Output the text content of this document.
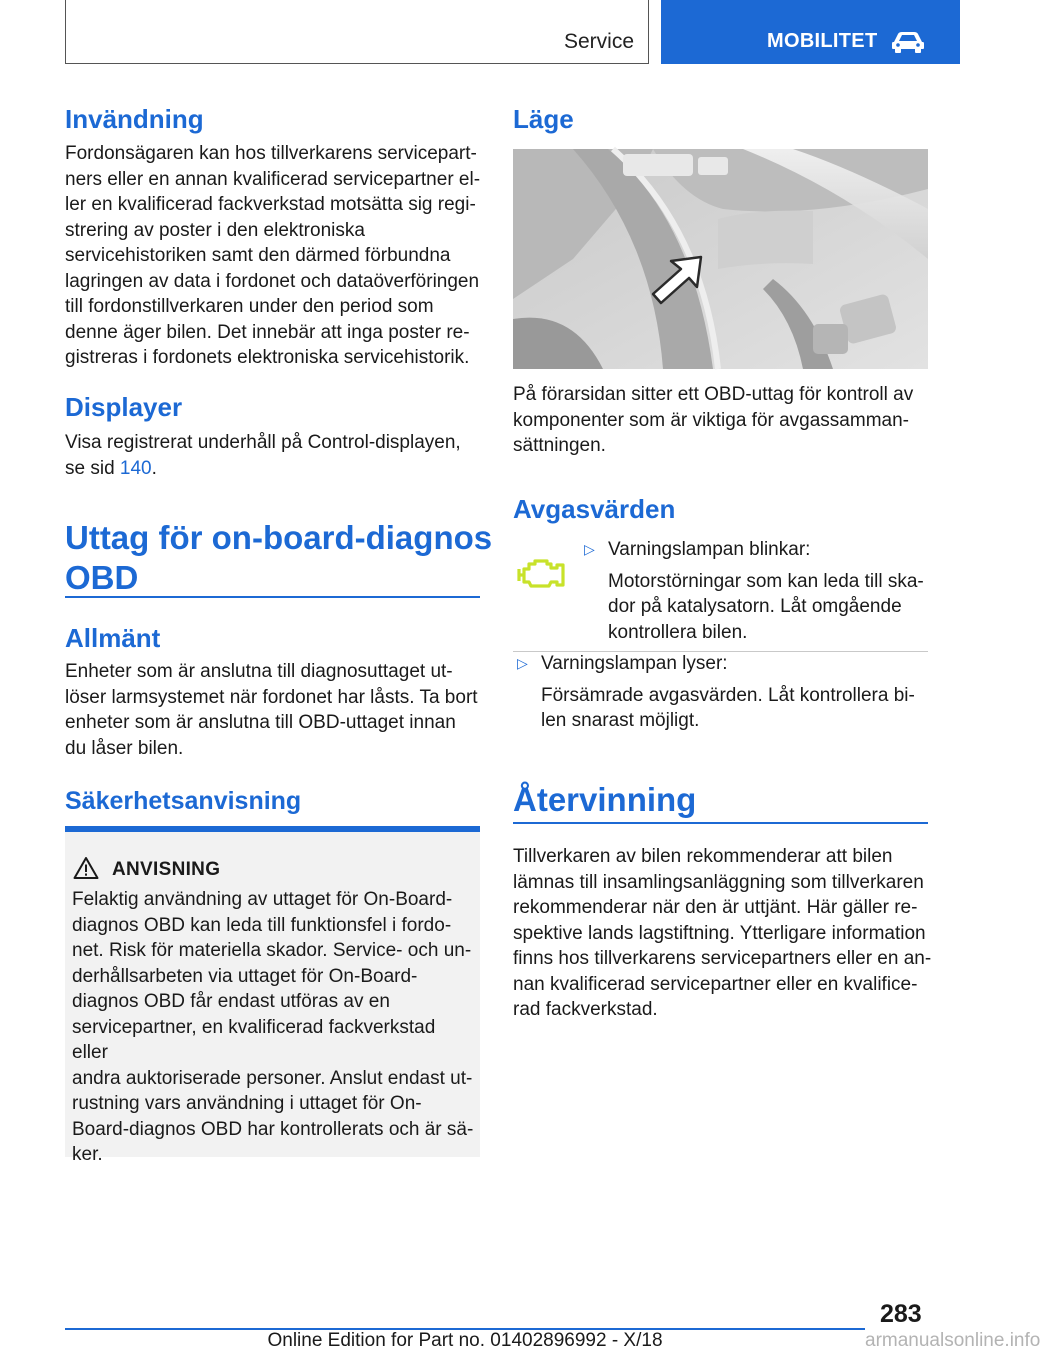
Service	MOBILITET
Invändning
Fordonsägaren kan hos tillverkarens servicepart-
ners eller en annan kvalificerad servicepartner el-
ler en kvalificerad fackverkstad motsätta sig regi-
strering av poster i den elektroniska
servicehistoriken samt den därmed förbundna
lagringen av data i fordonet och dataöverföringen
till fordonstillverkaren under den period som
denne äger bilen. Det innebär att inga poster re-
gistreras i fordonets elektroniska servicehistorik.
Displayer
Visa registrerat underhåll på Control-displayen,
se sid 140.
Uttag för on-board-diagnos
OBD
Allmänt
Enheter som är anslutna till diagnosuttaget ut-
löser larmsystemet när fordonet har låsts. Ta bort
enheter som är anslutna till OBD-uttaget innan
du låser bilen.
Säkerhetsanvisning
ANVISNING
Felaktig användning av uttaget för On-Board-
diagnos OBD kan leda till funktionsfel i fordo-
net. Risk för materiella skador. Service- och un-
derhållsarbeten via uttaget för On-Board-
diagnos OBD får endast utföras av en
servicepartner, en kvalificerad fackverkstad eller
andra auktoriserade personer. Anslut endast ut-
rustning vars användning i uttaget för On-
Board-diagnos OBD har kontrollerats och är sä-
ker.
Läge
På förarsidan sitter ett OBD-uttag för kontroll av
komponenter som är viktiga för avgassamman-
sättningen.
Avgasvärden
▷ Varningslampan blinkar:
Motorstörningar som kan leda till ska-
dor på katalysatorn. Låt omgående
kontrollera bilen.
▷ Varningslampan lyser:
Försämrade avgasvärden. Låt kontrollera bi-
len snarast möjligt.
Återvinning
Tillverkaren av bilen rekommenderar att bilen
lämnas till insamlingsanläggning som tillverkaren
rekommenderar när den är uttjänt. Här gäller re-
spektive lands lagstiftning. Ytterligare information
finns hos tillverkarens servicepartners eller en an-
nan kvalificerad servicepartner eller en kvalifice-
rad fackverkstad.
283
Online Edition for Part no. 01402896992 - X/18	armanualsonline.info
